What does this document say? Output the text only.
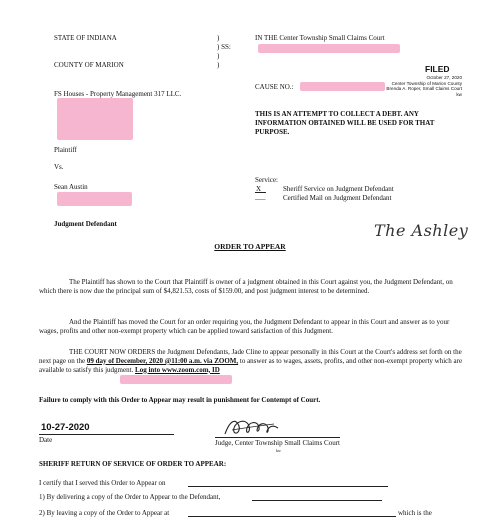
STATE OF INDIANA
COUNTY OF MARION
)
) SS:
)
)
IN THE Center Township Small Claims Court
FILED
October 27, 2020
Center Township of Marion County
Brenda A. Roper, Small Claims Court
kw
CAUSE NO.:
FS Houses - Property Management 317 LLC.
Plaintiff
Vs.
Sean Austin
Judgment Defendant
THIS IS AN ATTEMPT TO COLLECT A DEBT. ANY INFORMATION OBTAINED WILL BE USED FOR THAT PURPOSE.
Service:
X	Sheriff Service on Judgment Defendant
___	Certified Mail on Judgment Defendant
The Ashley
ORDER TO APPEAR
The Plaintiff has shown to the Court that Plaintiff is owner of a judgment obtained in this Court against you, the Judgment Defendant, on which there is now due the principal sum of $4,821.53, costs of $159.00, and post judgment interest to be determined.
And the Plaintiff has moved the Court for an order requiring you, the Judgment Defendant to appear in this Court and answer as to your wages, profits and other non-exempt property which can be applied toward satisfaction of this Judgment.
THE COURT NOW ORDERS the Judgment Defendants, Jade Cline to appear personally in this Court at the Court's address set forth on the next page on the 09 day of December, 2020 @11:00 a.m. via ZOOM, to answer as to wages, assets, profits, and other non-exempt property which are available to satisfy this judgment. Log into www.zoom.com, ID
Failure to comply with this Order to Appear may result in punishment for Contempt of Court.
10-27-2020
Date	Judge, Center Township Small Claims Court
kw
SHERIFF RETURN OF SERVICE OF ORDER TO APPEAR:
I certify that I served this Order to Appear on
1) By delivering a copy of the Order to Appear to the Defendant,
2) By leaving a copy of the Order to Appear at	which is the
